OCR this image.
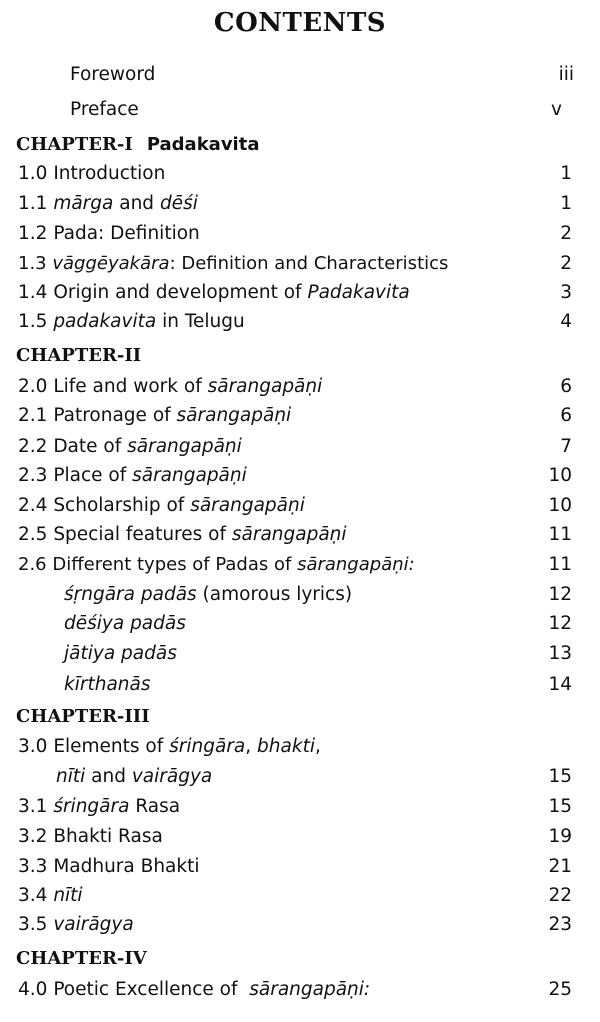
CONTENTS
Foreword	iii
Preface	v
CHAPTER-I Padakavita
1.0 Introduction	1
1.1 mārga and dēśi	1
1.2 Pada: Definition	2
1.3 vāggēyakāra: Definition and Characteristics	2
1.4 Origin and development of Padakavita	3
1.5 padakavita in Telugu	4
CHAPTER-II
2.0 Life and work of sārangapāṇi	6
2.1 Patronage of sārangapāṇi	6
2.2 Date of sārangapāṇi	7
2.3 Place of sārangapāṇi	10
2.4 Scholarship of sārangapāṇi	10
2.5 Special features of sārangapāṇi	11
2.6 Different types of Padas of sārangapāṇi:	11
śṛngāra padās (amorous lyrics)	12
dēśiya padās	12
jātiya padās	13
kīrthanās	14
CHAPTER-III
3.0 Elements of śringāra, bhakti,
nīti and vairāgya	15
3.1 śringāra Rasa	15
3.2 Bhakti Rasa	19
3.3 Madhura Bhakti	21
3.4 nīti	22
3.5 vairāgya	23
CHAPTER-IV
4.0 Poetic Excellence of  sārangapāṇi:	25
